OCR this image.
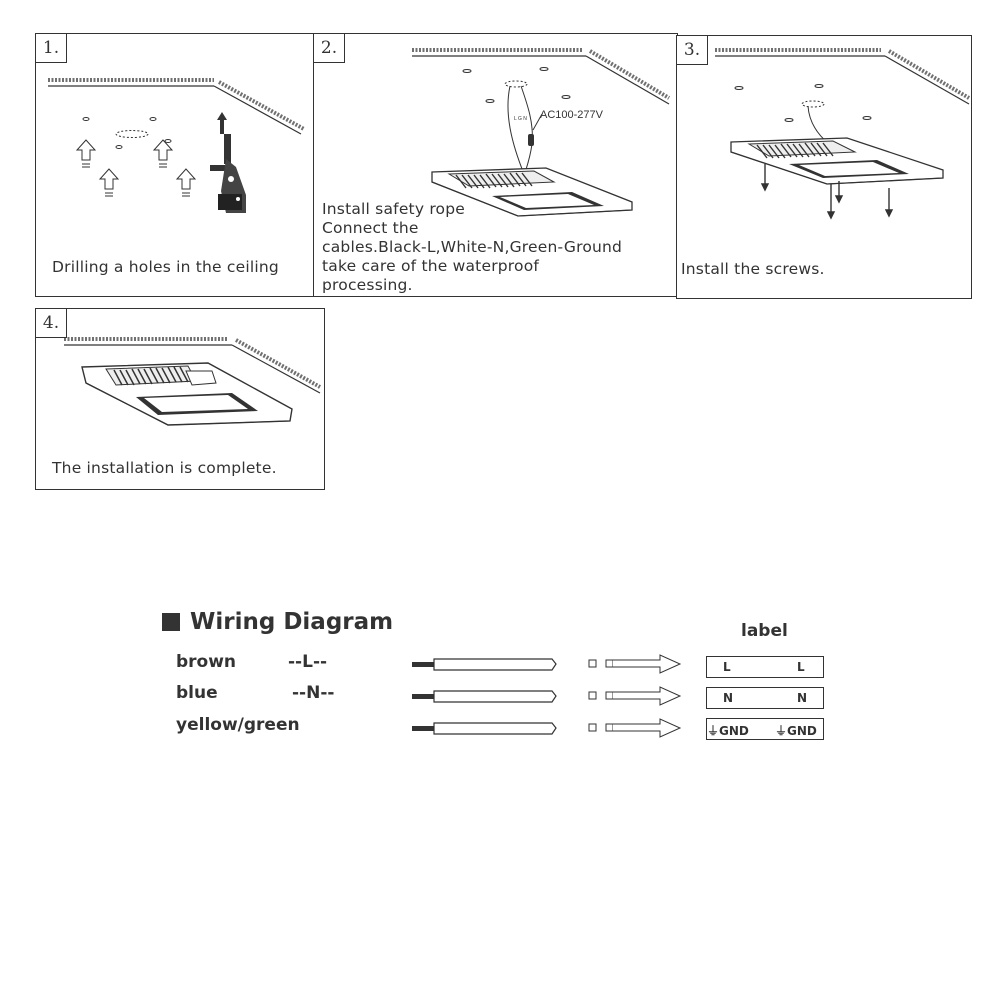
1.
Drilling a holes in the ceiling
2.
L G N AC100-277V
Install safety rope
Connect the
cables.Black-L,White-N,Green-Ground
take care of the waterproof
processing.
3.
Install the screws.
4.
The installation is complete.
Wiring Diagram	label
brown	--L--
blue	--N--
yellow/green
L	L
N	N
⏚GND ⏚GND
